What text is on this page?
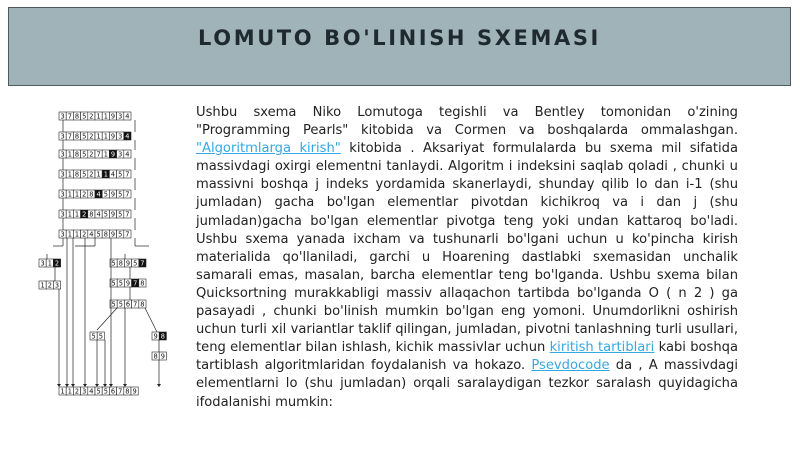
LOMUTO BO'LINISH SXEMASI
3 7 8 5 2 1 1 9 3 4
3 7 8 5 2 1 1 9 3 4
3 1 8 5 2 7 1 9 3 4
3 1 8 5 2 1 1 4 5 7
3 1 1 2 8 4 5 9 5 7
3 1 1 2 8 4 5 9 5 7
3 1 1 2 4 5 8 9 5 7
3 1 2
1 2 3
5 8 9 5 7
5 5 9 7 8
5 5 6 7 8
5 5	9 8
8 9
1 1 2 3 4 5 5 6 7 8 9
Ushbu sxema Niko Lomutoga tegishli va Bentley tomonidan o'zining "Programming Pearls" kitobida va Cormen va boshqalarda ommalashgan. "Algoritmlarga kirish" kitobida . Aksariyat formulalarda bu sxema mil sifatida massivdagi oxirgi elementni tanlaydi. Algoritm i indeksini saqlab qoladi , chunki u massivni boshqa j indeks yordamida skanerlaydi, shunday qilib lo dan i-1 (shu jumladan) gacha bo'lgan elementlar pivotdan kichikroq va i dan j (shu jumladan)gacha bo'lgan elementlar pivotga teng yoki undan kattaroq bo'ladi. Ushbu sxema yanada ixcham va tushunarli bo'lgani uchun u ko'pincha kirish materialida qo'llaniladi, garchi u Hoarening dastlabki sxemasidan unchalik samarali emas, masalan, barcha elementlar teng bo'lganda. Ushbu sxema bilan Quicksortning murakkabligi massiv allaqachon tartibda bo'lganda O ( n 2 ) ga pasayadi , chunki bo'linish mumkin bo'lgan eng yomoni. Unumdorlikni oshirish uchun turli xil variantlar taklif qilingan, jumladan, pivotni tanlashning turli usullari, teng elementlar bilan ishlash, kichik massivlar uchun kiritish tartiblari kabi boshqa tartiblash algoritmlaridan foydalanish va hokazo. Psevdocode da , A massivdagi elementlarni lo (shu jumladan) orqali saralaydigan tezkor saralash quyidagicha ifodalanishi mumkin:
